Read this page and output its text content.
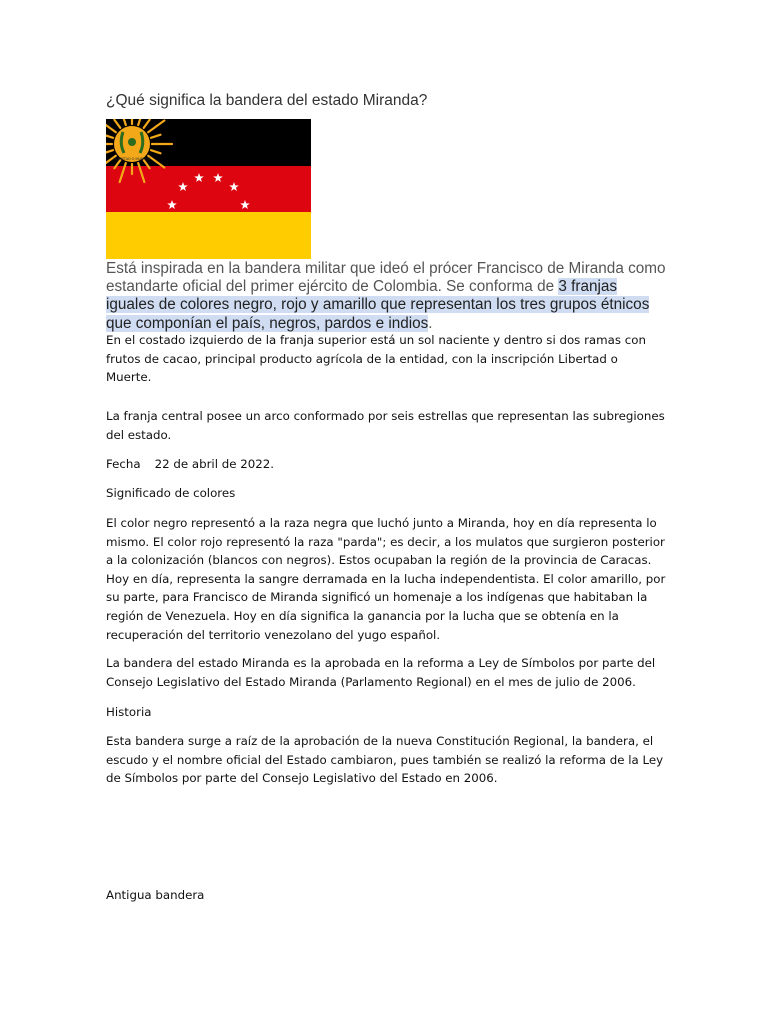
¿Qué significa la bandera del estado Miranda?
LIBERTAD O MUERTE
Está inspirada en la bandera militar que ideó el prócer Francisco de Miranda como estandarte oficial del primer ejército de Colombia. Se conforma de 3 franjas iguales de colores negro, rojo y amarillo que representan los tres grupos étnicos que componían el país, negros, pardos e indios.

En el costado izquierdo de la franja superior está un sol naciente y dentro si dos ramas con frutos de cacao, principal producto agrícola de la entidad, con la inscripción Libertad o Muerte.

La franja central posee un arco conformado por seis estrellas que representan las subregiones del estado.

Fecha 22 de abril de 2022.

Significado de colores

El color negro representó a la raza negra que luchó junto a Miranda, hoy en día representa lo mismo. El color rojo representó la raza "parda"; es decir, a los mulatos que surgieron posterior a la colonización (blancos con negros). Estos ocupaban la región de la provincia de Caracas. Hoy en día, representa la sangre derramada en la lucha independentista. El color amarillo, por su parte, para Francisco de Miranda significó un homenaje a los indígenas que habitaban la región de Venezuela. Hoy en día significa la ganancia por la lucha que se obtenía en la recuperación del territorio venezolano del yugo español.

La bandera del estado Miranda es la aprobada en la reforma a Ley de Símbolos por parte del Consejo Legislativo del Estado Miranda (Parlamento Regional) en el mes de julio de 2006.

Historia

Esta bandera surge a raíz de la aprobación de la nueva Constitución Regional, la bandera, el escudo y el nombre oficial del Estado cambiaron, pues también se realizó la reforma de la Ley de Símbolos por parte del Consejo Legislativo del Estado en 2006.

Antigua bandera
